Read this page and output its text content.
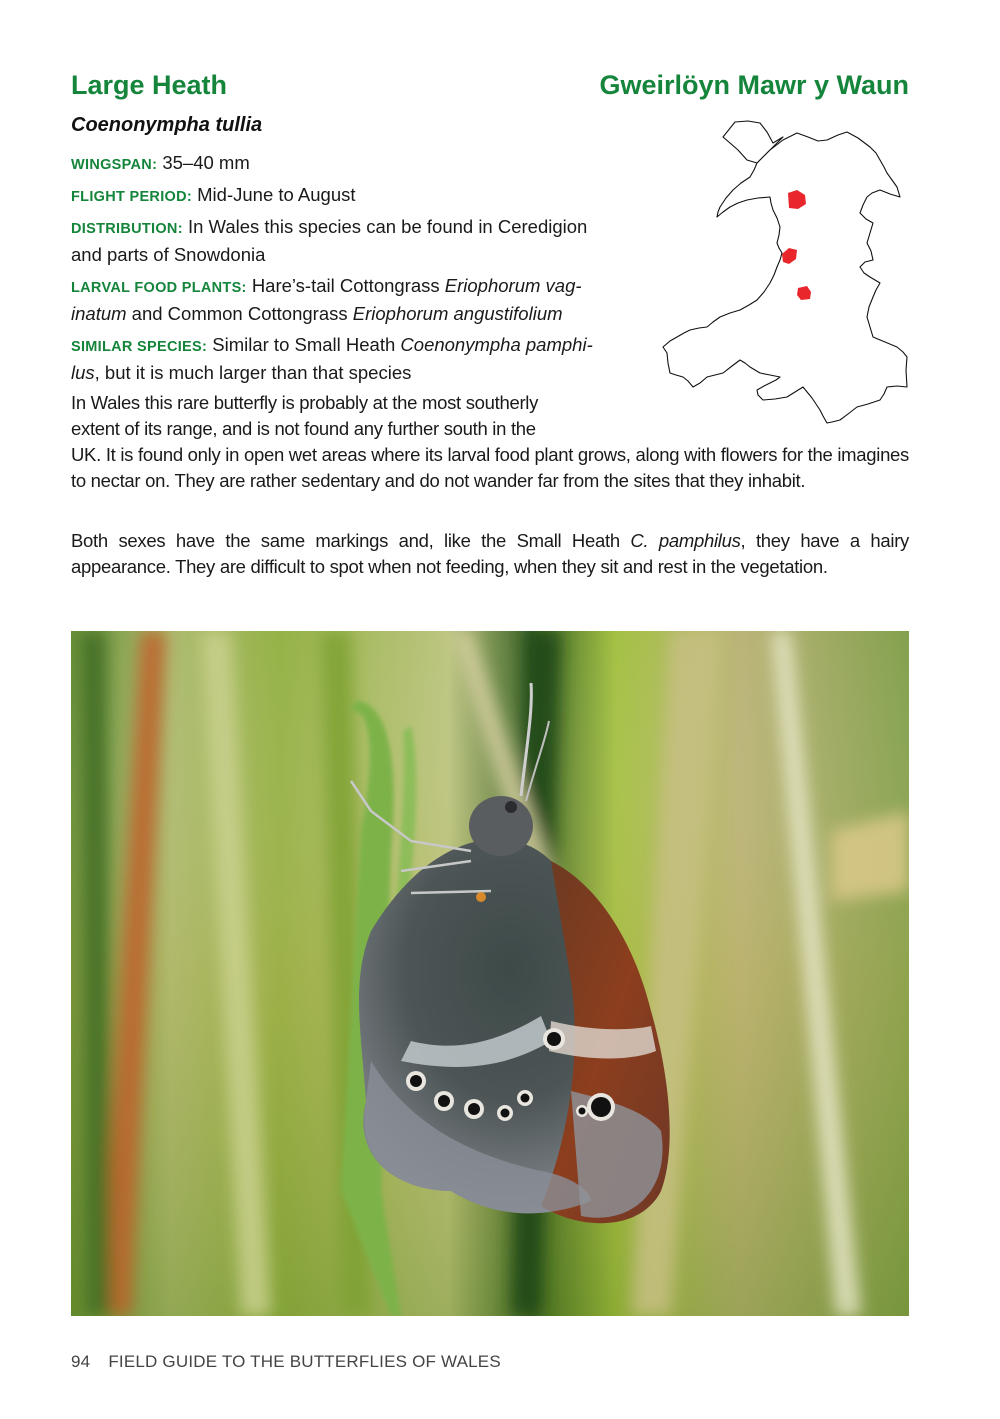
Large Heath	Gweirlöyn Mawr y Waun
Coenonympha tullia
WINGSPAN: 35–40 mm
FLIGHT PERIOD: Mid-June to August
DISTRIBUTION: In Wales this species can be found in Ceredigion
and parts of Snowdonia
LARVAL FOOD PLANTS: Hare’s-tail Cottongrass Eriophorum vag-
inatum and Common Cottongrass Eriophorum angustifolium
SIMILAR SPECIES: Similar to Small Heath Coenonympha pamphi-
lus, but it is much larger than that species
In Wales this rare butterfly is probably at the most southerly
extent of its range, and is not found any further south in the
UK. It is found only in open wet areas where its larval food plant grows, along with flowers for the imagines to nectar on. They are rather sedentary and do not wander far from the sites that they inhabit.
Both sexes have the same markings and, like the Small Heath C. pamphilus, they have a hairy appearance. They are difficult to spot when not feeding, when they sit and rest in the vegetation.
94 FIELD GUIDE TO THE BUTTERFLIES OF WALES
